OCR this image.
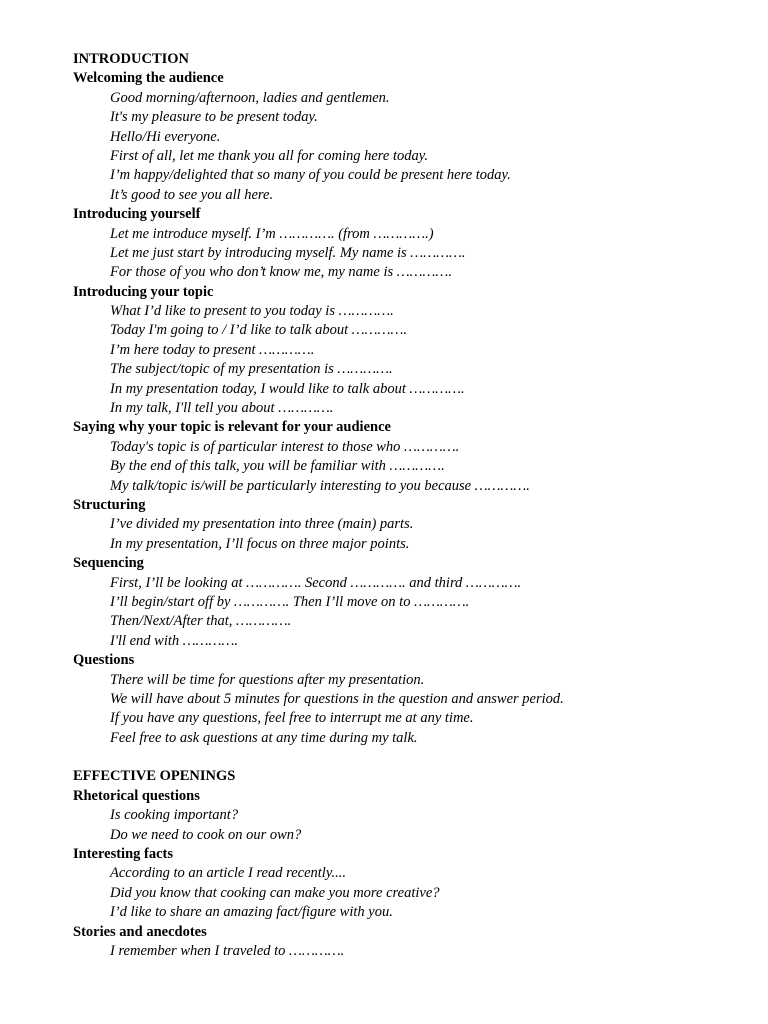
INTRODUCTION
Welcoming the audience
Good morning/afternoon, ladies and gentlemen.
It's my pleasure to be present today.
Hello/Hi everyone.
First of all, let me thank you all for coming here today.
I’m happy/delighted that so many of you could be present here today.
It’s good to see you all here.
Introducing yourself
Let me introduce myself. I’m …………. (from ………….)
Let me just start by introducing myself. My name is ………….
For those of you who don’t know me, my name is ………….
Introducing your topic
What I’d like to present to you today is ………….
Today I'm going to / I’d like to talk about ………….
I’m here today to present ………….
The subject/topic of my presentation is ………….
In my presentation today, I would like to talk about ………….
In my talk, I'll tell you about ………….
Saying why your topic is relevant for your audience
Today's topic is of particular interest to those who ………….
By the end of this talk, you will be familiar with ………….
My talk/topic is/will be particularly interesting to you because ………….
Structuring
I’ve divided my presentation into three (main) parts.
In my presentation, I’ll focus on three major points.
Sequencing
First, I’ll be looking at …………. Second …………. and third ………….
I’ll begin/start off by …………. Then I’ll move on to ………….
Then/Next/After that, ………….
I'll end with ………….
Questions
There will be time for questions after my presentation.
We will have about 5 minutes for questions in the question and answer period.
If you have any questions, feel free to interrupt me at any time.
Feel free to ask questions at any time during my talk.
EFFECTIVE OPENINGS
Rhetorical questions
Is cooking important?
Do we need to cook on our own?
Interesting facts
According to an article I read recently....
Did you know that cooking can make you more creative?
I’d like to share an amazing fact/figure with you.
Stories and anecdotes
I remember when I traveled to ………….
